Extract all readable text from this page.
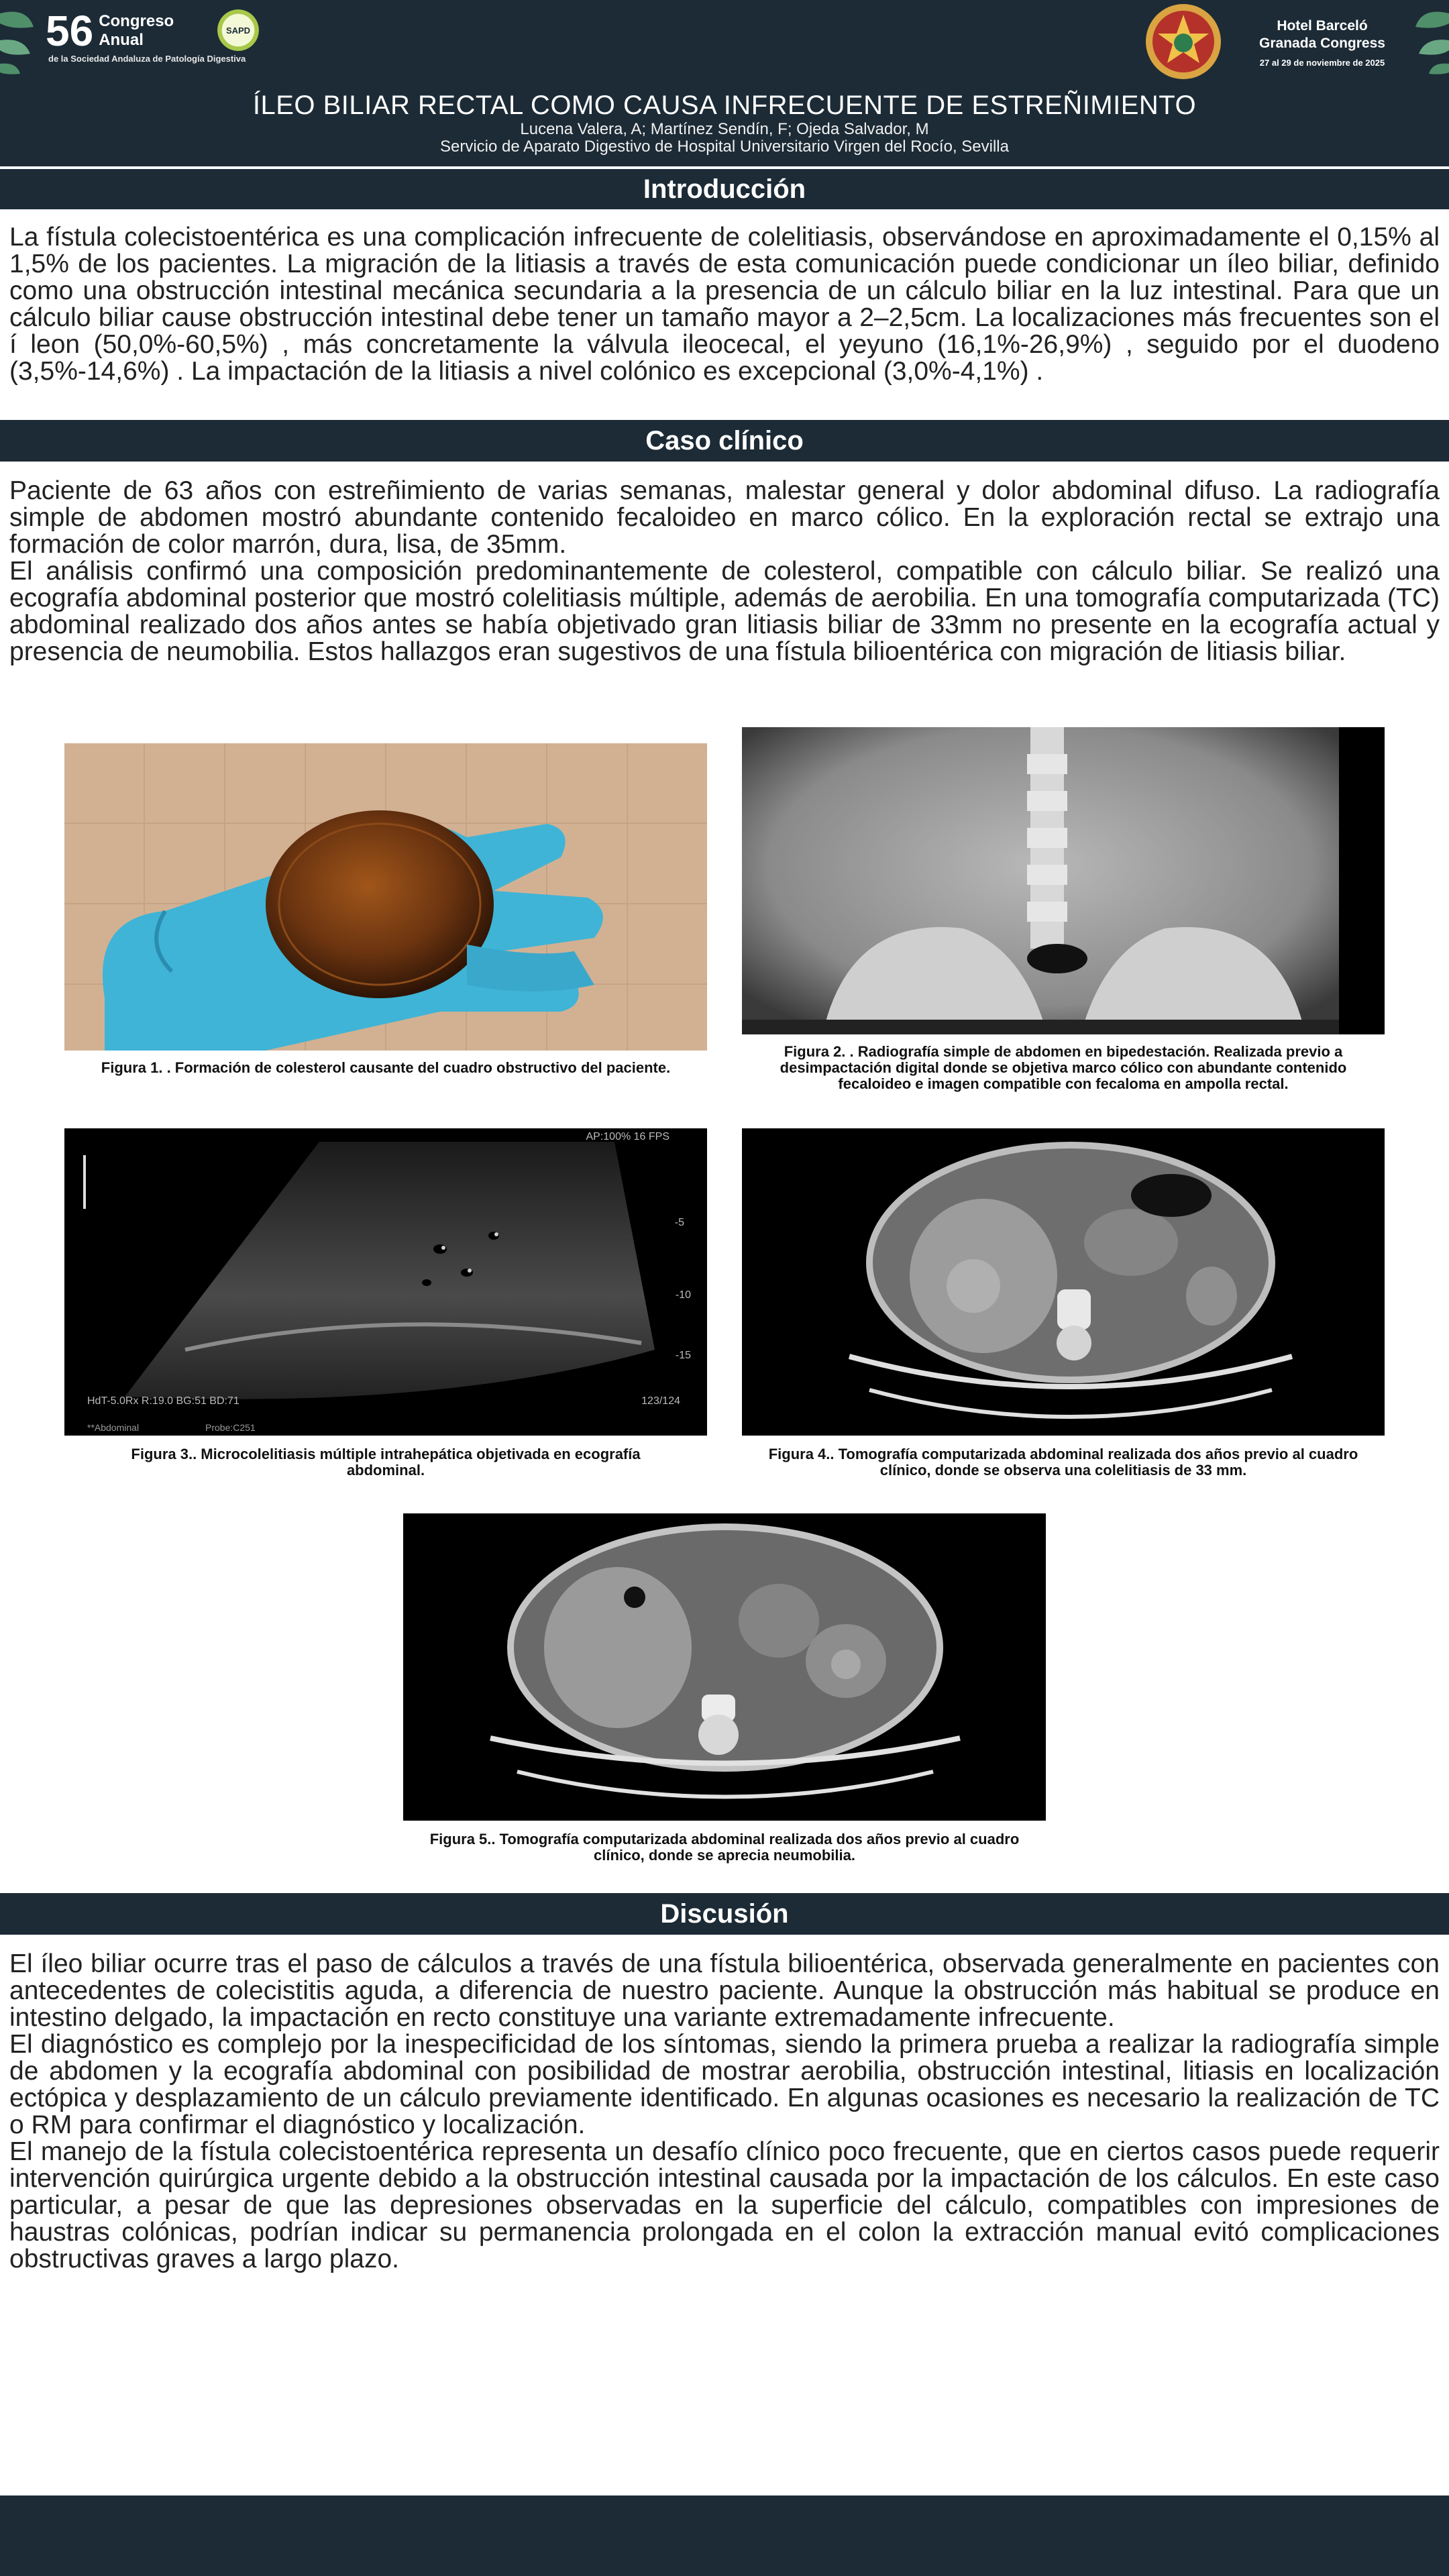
56 Congreso
Anual
de la Sociedad Andaluza de Patología Digestiva
SAPD	Hotel Barceló
Granada Congress
27 al 29 de noviembre de 2025
ÍLEO BILIAR RECTAL COMO CAUSA INFRECUENTE DE ESTREÑIMIENTO
Lucena Valera, A; Martínez Sendín, F; Ojeda Salvador, M
Servicio de Aparato Digestivo de Hospital Universitario Virgen del Rocío, Sevilla
Introducción

La fístula colecistoentérica es una complicación infrecuente de colelitiasis, observándose en aproximadamente el 0,15% al 1,5% de los pacientes. La migración de la litiasis a través de esta comunicación puede condicionar un íleo biliar, definido como una obstrucción intestinal mecánica secundaria a la presencia de un cálculo biliar en la luz intestinal. Para que un cálculo biliar cause obstrucción intestinal debe tener un tamaño mayor a 2–2,5cm. La localizaciones más frecuentes son el í leon (50,0%-60,5%) , más concretamente la válvula ileocecal, el yeyuno (16,1%-26,9%) , seguido por el duodeno (3,5%-14,6%) . La impactación de la litiasis a nivel colónico es excepcional (3,0%-4,1%) .

Caso clínico

Paciente de 63 años con estreñimiento de varias semanas, malestar general y dolor abdominal difuso. La radiografía simple de abdomen mostró abundante contenido fecaloideo en marco cólico. En la exploración rectal se extrajo una formación de color marrón, dura, lisa, de 35mm.

El análisis confirmó una composición predominantemente de colesterol, compatible con cálculo biliar. Se realizó una ecografía abdominal posterior que mostró colelitiasis múltiple, además de aerobilia. En una tomografía computarizada (TC) abdominal realizado dos años antes se había objetivado gran litiasis biliar de 33mm no presente en la ecografía actual y presencia de neumobilia. Estos hallazgos eran sugestivos de una fístula bilioentérica con migración de litiasis biliar.

Figura 1. . Formación de colesterol causante del cuadro obstructivo del paciente.
Figura 2. . Radiografía simple de abdomen en bipedestación. Realizada previo a desimpactación digital donde se objetiva marco cólico con abundante contenido fecaloideo e imagen compatible con fecaloma en ampolla rectal.
AP:100% 16 FPS
-5
-10
-15
HdT-5.0Rx R:19.0 BG:51 BD:71	123/124
**Abdominal	Probe:C251
Figura 3.. Microcolelitiasis múltiple intrahepática objetivada en ecografía abdominal.
Figura 4.. Tomografía computarizada abdominal realizada dos años previo al cuadro clínico, donde se observa una colelitiasis de 33 mm.
Figura 5.. Tomografía computarizada abdominal realizada dos años previo al cuadro clínico, donde se aprecia neumobilia.
Discusión

El íleo biliar ocurre tras el paso de cálculos a través de una fístula bilioentérica, observada generalmente en pacientes con antecedentes de colecistitis aguda, a diferencia de nuestro paciente. Aunque la obstrucción más habitual se produce en intestino delgado, la impactación en recto constituye una variante extremadamente infrecuente.

El diagnóstico es complejo por la inespecificidad de los síntomas, siendo la primera prueba a realizar la radiografía simple de abdomen y la ecografía abdominal con posibilidad de mostrar aerobilia, obstrucción intestinal, litiasis en localización ectópica y desplazamiento de un cálculo previamente identificado. En algunas ocasiones es necesario la realización de TC o RM para confirmar el diagnóstico y localización.

El manejo de la fístula colecistoentérica representa un desafío clínico poco frecuente, que en ciertos casos puede requerir intervención quirúrgica urgente debido a la obstrucción intestinal causada por la impactación de los cálculos. En este caso particular, a pesar de que las depresiones observadas en la superficie del cálculo, compatibles con impresiones de haustras colónicas, podrían indicar su permanencia prolongada en el colon la extracción manual evitó complicaciones obstructivas graves a largo plazo.
